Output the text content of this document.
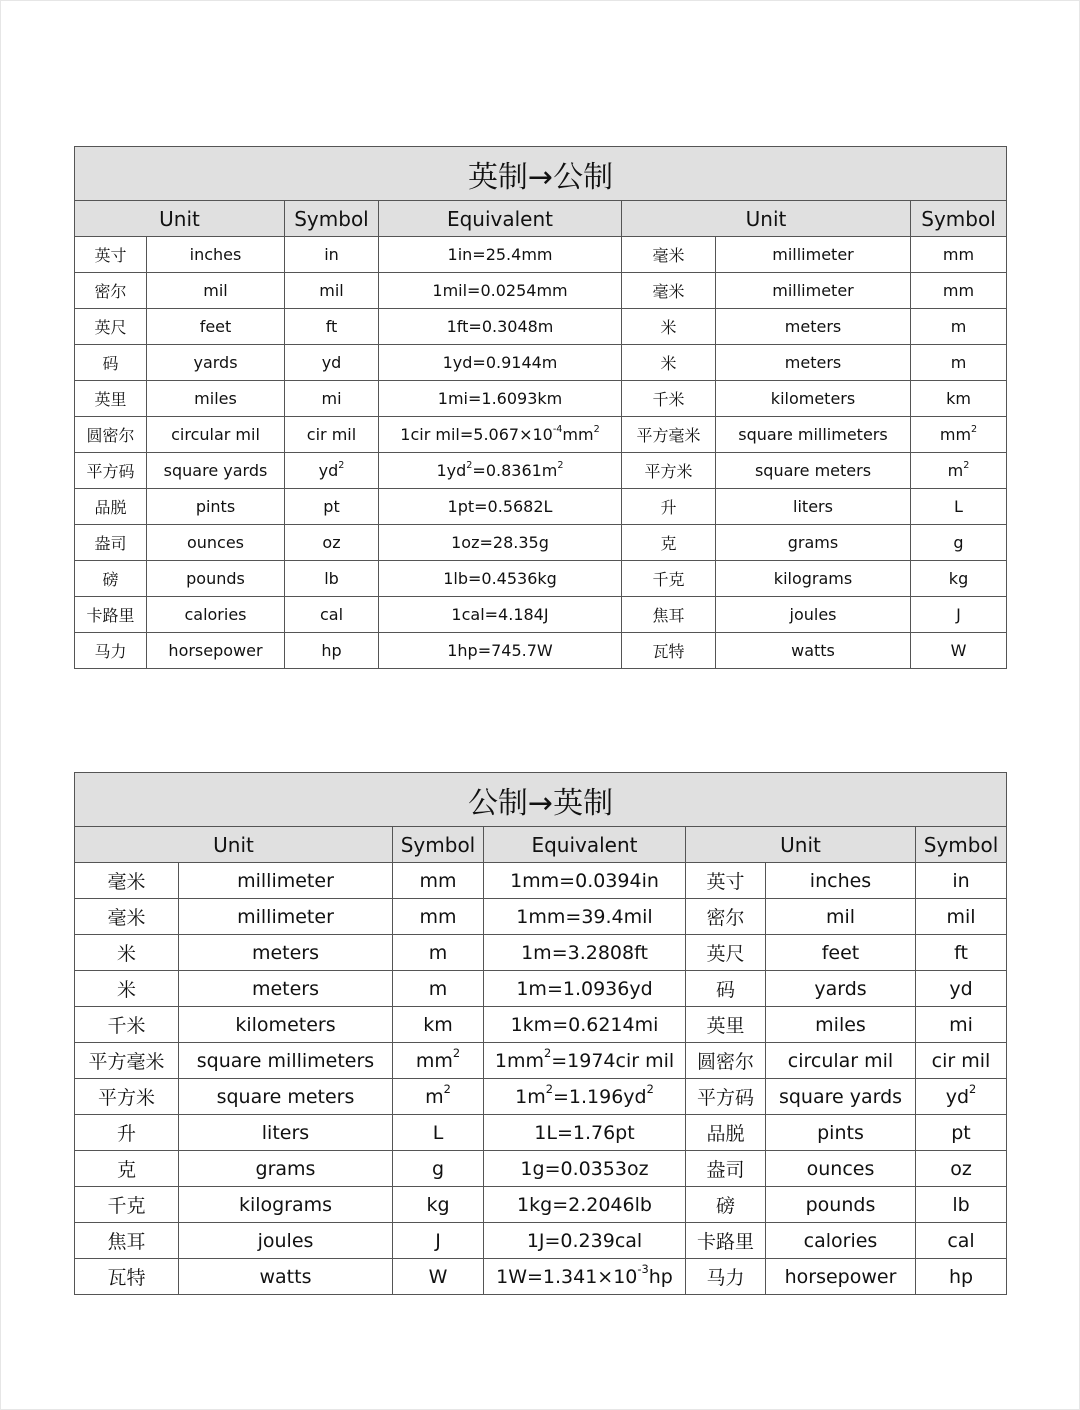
英制→公制						
Unit		Symbol	Equivalent	Unit		Symbol
英寸	inches	in	1in=25.4mm	毫米	millimeter	mm
密尔	mil	mil	1mil=0.0254mm	毫米	millimeter	mm
英尺	feet	ft	1ft=0.3048m	米	meters	m
码	yards	yd	1yd=0.9144m	米	meters	m
英里	miles	mi	1mi=1.6093km	千米	kilometers	km
圆密尔	circular mil	cir mil	1cir $mil=5.067\times 10^{-4}mm^2$	平方毫米	square millimeters	$mm^2$
平方码	square yards	$yd^2$	$1yd^2=0.8361m^2$	平方米	square meters	$m^2$
品脱	pints	pt	1pt=0.5682L	升	liters	L
盎司	ounces	oz	1oz=28.35g	克	grams	g
磅	pounds	lb	1lb=0.4536kg	千克	kilograms	kg
卡路里	calories	cal	1cal=4.184J	焦耳	joules	J
马力	horsepower	hp	1hp=745.7W	瓦特	watts	W
公制→英制						
Unit		Symbol	Equivalent	Unit		Symbol
毫米	millimeter	mm	1mm=0.0394in	英寸	inches	in
毫米	millimeter	mm	1mm=39.4mil	密尔	mil	mil
米	meters	m	1m=3.2808ft	英尺	feet	ft
米	meters	m	1m=1.0936yd	码	yards	yd
千米	kilometers	km	1km=0.6214mi	英里	miles	mi
平方毫米	square millimeters	$mm^2$	$1mm^2=1974cir$ mil	圆密尔	circular mil	cir mil
平方米	square meters	$m^2$	$1m^2=1.196yd^2$	平方码	square yards	$yd^2$
升	liters	L	1L=1.76pt	品脱	pints	pt
克	grams	g	1g=0.0353oz	盎司	ounces	oz
千克	kilograms	kg	1kg=2.2046lb	磅	pounds	lb
焦耳	joules	J	1J=0.239cal	卡路里	calories	cal
瓦特	watts	W	$1W=1.341\times 10^{-3}hp$	马力	horsepower	hp
